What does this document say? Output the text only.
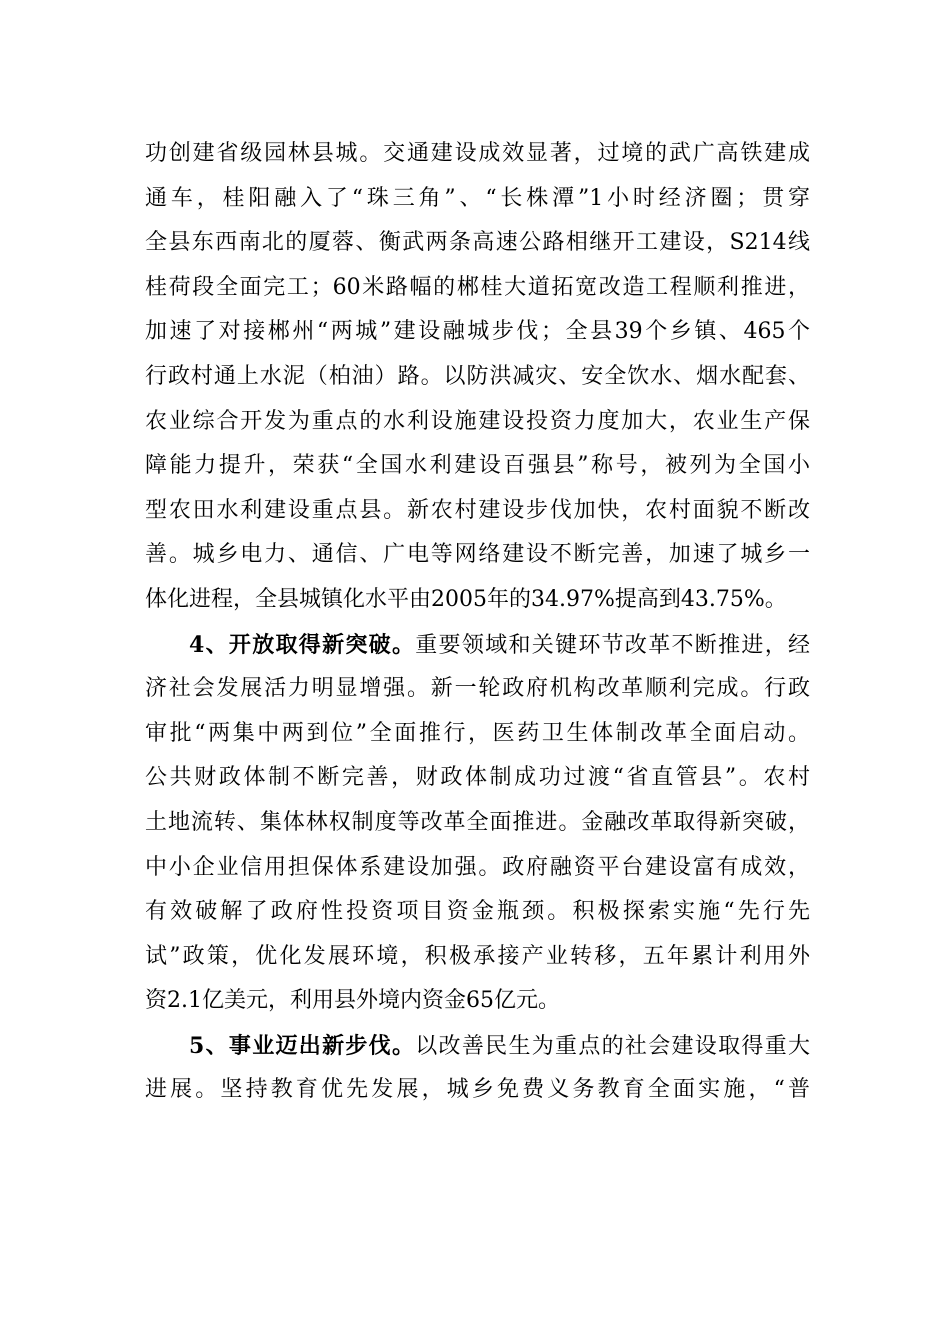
功创建省级园林县城。交通建设成效显著，过境的武广高铁建成
通车，桂阳融入了“珠三角”、“长株潭”1小时经济圈；贯穿
全县东西南北的厦蓉、衡武两条高速公路相继开工建设，S214线
桂荷段全面完工；60米路幅的郴桂大道拓宽改造工程顺利推进，
加速了对接郴州“两城”建设融城步伐；全县39个乡镇、465个
行政村通上水泥（柏油）路。以防洪减灾、安全饮水、烟水配套、
农业综合开发为重点的水利设施建设投资力度加大，农业生产保
障能力提升，荣获“全国水利建设百强县”称号，被列为全国小
型农田水利建设重点县。新农村建设步伐加快，农村面貌不断改
善。城乡电力、通信、广电等网络建设不断完善，加速了城乡一
体化进程，全县城镇化水平由2005年的34.97%提高到43.75%。
4、开放取得新突破。重要领域和关键环节改革不断推进，经
济社会发展活力明显增强。新一轮政府机构改革顺利完成。行政
审批“两集中两到位”全面推行，医药卫生体制改革全面启动。
公共财政体制不断完善，财政体制成功过渡“省直管县”。农村
土地流转、集体林权制度等改革全面推进。金融改革取得新突破，
中小企业信用担保体系建设加强。政府融资平台建设富有成效，
有效破解了政府性投资项目资金瓶颈。积极探索实施“先行先
试”政策，优化发展环境，积极承接产业转移，五年累计利用外
资2.1亿美元，利用县外境内资金65亿元。
5、事业迈出新步伐。以改善民生为重点的社会建设取得重大
进展。坚持教育优先发展，城乡免费义务教育全面实施，“普
